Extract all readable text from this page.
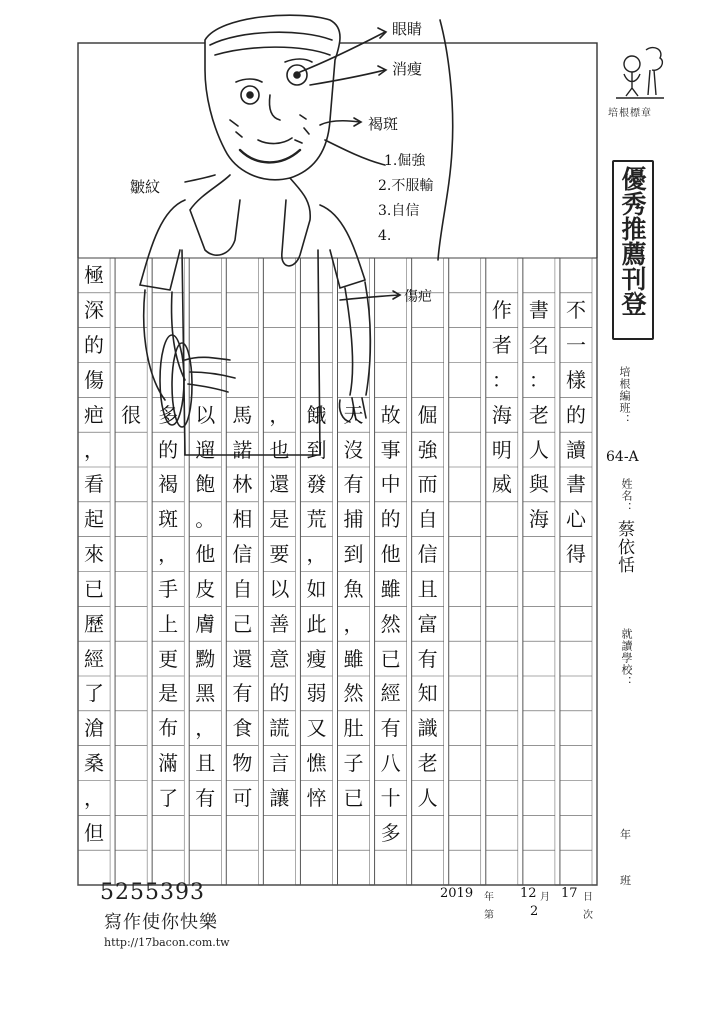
眼睛
消瘦
褐斑
1.倔強
2.不服輸
3.自信
4.
傷疤
皺紋
不
一
樣
的
讀
書
心
得
書
名
：
老
人
與
海
作
者
：
海
明
威
倔
強
而
自
信
且
富
有
知
識
老
人
故
事
中
的
他
雖
然
已
經
有
八
十
多
天
沒
有
捕
到
魚
，
雖
然
肚
子
已
餓
到
發
荒
，
如
此
瘦
弱
又
憔
悴
，
也
還
是
要
以
善
意
的
謊
言
讓
馬
諾
林
相
信
自
己
還
有
食
物
可
以
遛
飽
。
他
皮
膚
黝
黑
，
且
有
多
的
褐
斑
，
手
上
更
是
布
滿
了
很
極
深
的
傷
疤
，
看
起
來
已
歷
經
了
滄
桑
，
但
培根標章
優秀推薦刊登
培根編班：
64-A
姓名：
蔡依恬
就讀學校：
年
班
2019 年 12 月 17 日
第	2	次
5255393
寫作使你快樂
http://17bacon.com.tw
